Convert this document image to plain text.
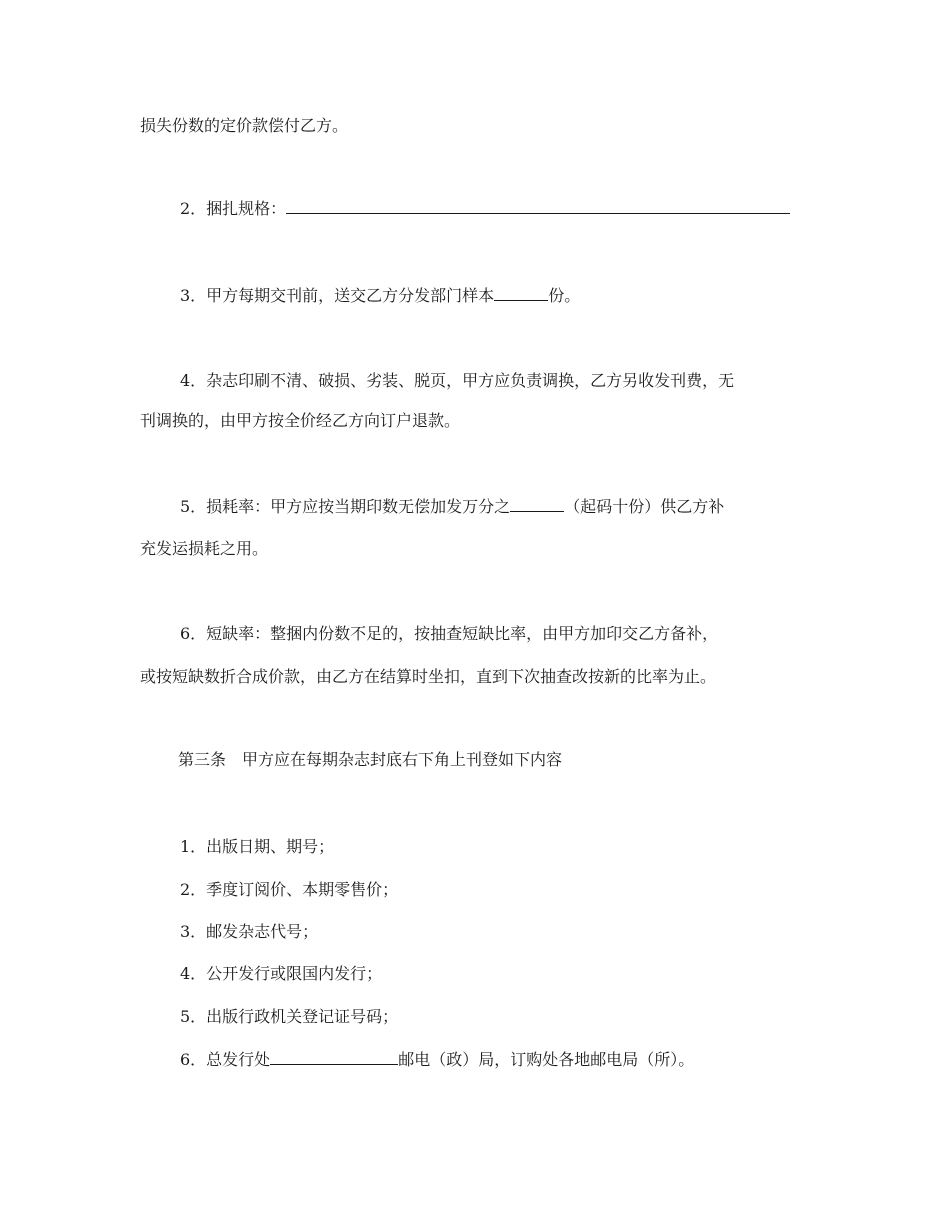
损失份数的定价款偿付乙方。
2．捆扎规格：
3．甲方每期交刊前，送交乙方分发部门样本	份。
4．杂志印刷不清、破损、劣装、脱页，甲方应负责调换，乙方另收发刊费，无
刊调换的，由甲方按全价经乙方向订户退款。
5．损耗率：甲方应按当期印数无偿加发万分之	（起码十份）供乙方补
充发运损耗之用。
6．短缺率：整捆内份数不足的，按抽查短缺比率，由甲方加印交乙方备补，
或按短缺数折合成价款，由乙方在结算时坐扣，直到下次抽查改按新的比率为止。
第三条　甲方应在每期杂志封底右下角上刊登如下内容
1．出版日期、期号；
2．季度订阅价、本期零售价；
3．邮发杂志代号；
4．公开发行或限国内发行；
5．出版行政机关登记证号码；
6．总发行处	邮电（政）局，订购处各地邮电局（所）。
